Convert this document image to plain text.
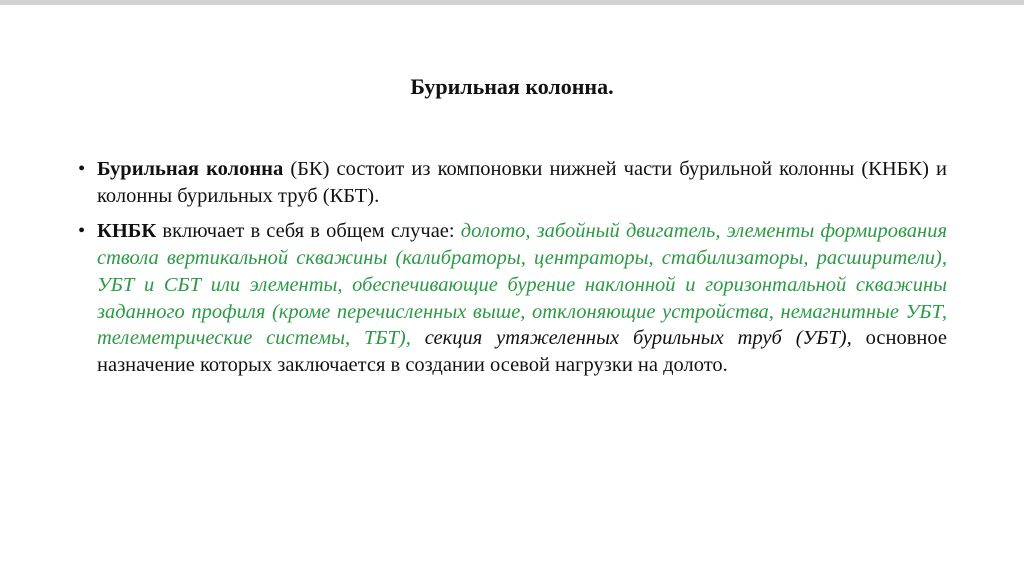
Бурильная колонна.
• Бурильная колонна (БК) состоит из компоновки нижней части бурильной колонны (КНБК) и колонны бурильных труб (КБТ).
• КНБК включает в себя в общем случае: долото, забойный двигатель, элементы формирования ствола вертикальной скважины (калибраторы, центраторы, стабилизаторы, расширители), УБТ и СБТ или элементы, обеспечивающие бурение наклонной и горизонтальной скважины заданного профиля (кроме перечисленных выше, отклоняющие устройства, немагнитные УБТ, телеметрические системы, ТБТ), секция утяжеленных бурильных труб (УБТ), основное назначение которых заключается в создании осевой нагрузки на долото.
